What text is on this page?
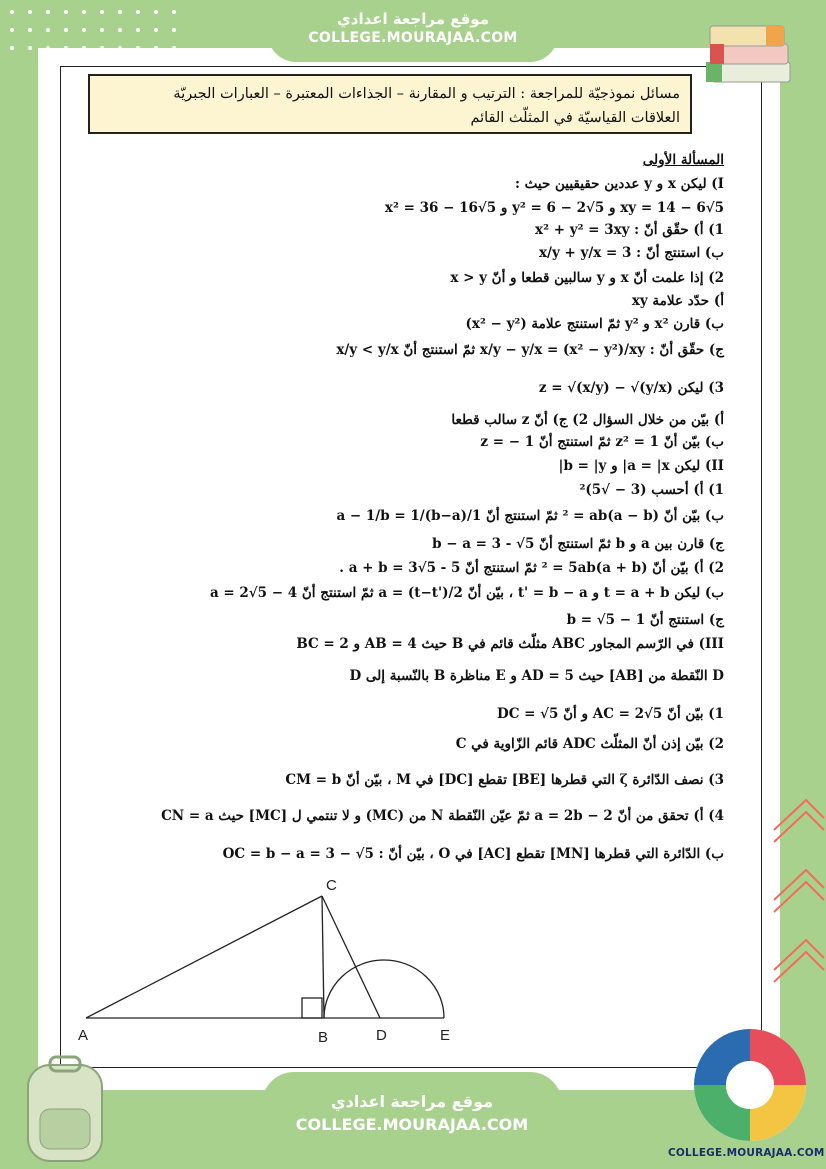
موقع مراجعة اعدادي
COLLEGE.MOURAJAA.COM
مسائل نموذجيّة للمراجعة : الترتيب و المقارنة – الجذاءات المعتبرة – العبارات الجبريّة
العلاقات القياسيّة في المثلّث القائم
المسألة الأولى
I) ليكن x و y عددين حقيقيين حيث :
xy = 14 − 6√5 و y² = 6 − 2√5 و x² = 36 − 16√5
1) أ) حقّق أنّ : x² + y² = 3xy
ب) استنتج أنّ : x/y + y/x = 3
2) إذا علمت أنّ x و y سالبين قطعا و أنّ x > y
أ) حدّد علامة xy
ب) قارن x² و y² ثمّ استنتج علامة (x² − y²)
ج) حقّق أنّ : x/y − y/x = (x² − y²)/xy ثمّ استنتج أنّ x/y < y/x
3) ليكن z = √(x/y) − √(y/x)
أ) بيّن من خلال السؤال 2) ج) أنّ z سالب قطعا
ب) بيّن أنّ z² = 1 ثمّ استنتج أنّ z = − 1
II) ليكن a = |x| و b = |y|
1) أ) أحسب (3 − √5)²
ب) بيّن أنّ (a − b)² = ab ثمّ استنتج أنّ 1/a − 1/b = 1/(b−a)
ج) قارن بين a و b ثمّ استنتج أنّ b − a = 3 - √5
2) أ) بيّن أنّ (a + b)² = 5ab ثمّ استنتج أنّ a + b = 3√5 - 5 .
ب) ليكن t = a + b و t' = b − a ، بيّن أنّ a = (t−t')/2 ثمّ استنتج أنّ a = 2√5 − 4
ج) استنتج أنّ b = √5 − 1
III) في الرّسم المجاور ABC مثلّث قائم في B حيث AB = 4 و BC = 2
D النّقطة من [AB] حيث AD = 5 و E مناظرة B بالنّسبة إلى D
1) بيّن أنّ AC = 2√5 و أنّ DC = √5
2) بيّن إذن أنّ المثلّث ADC قائم الزّاوية في C
3) نصف الدّائرة ζ التي قطرها [BE] تقطع [DC] في M ، بيّن أنّ CM = b
4) أ) تحقق من أنّ a = 2b − 2 ثمّ عيّن النّقطة N من (MC) و لا تنتمي ل [MC] حيث CN = a
ب) الدّائرة التي قطرها [MN] تقطع [AC] في O ، بيّن أنّ : OC = b − a = 3 − √5
A	B
C
D	E
موقع مراجعة اعدادي
COLLEGE.MOURAJAA.COM
COLLEGE.MOURAJAA.COM
